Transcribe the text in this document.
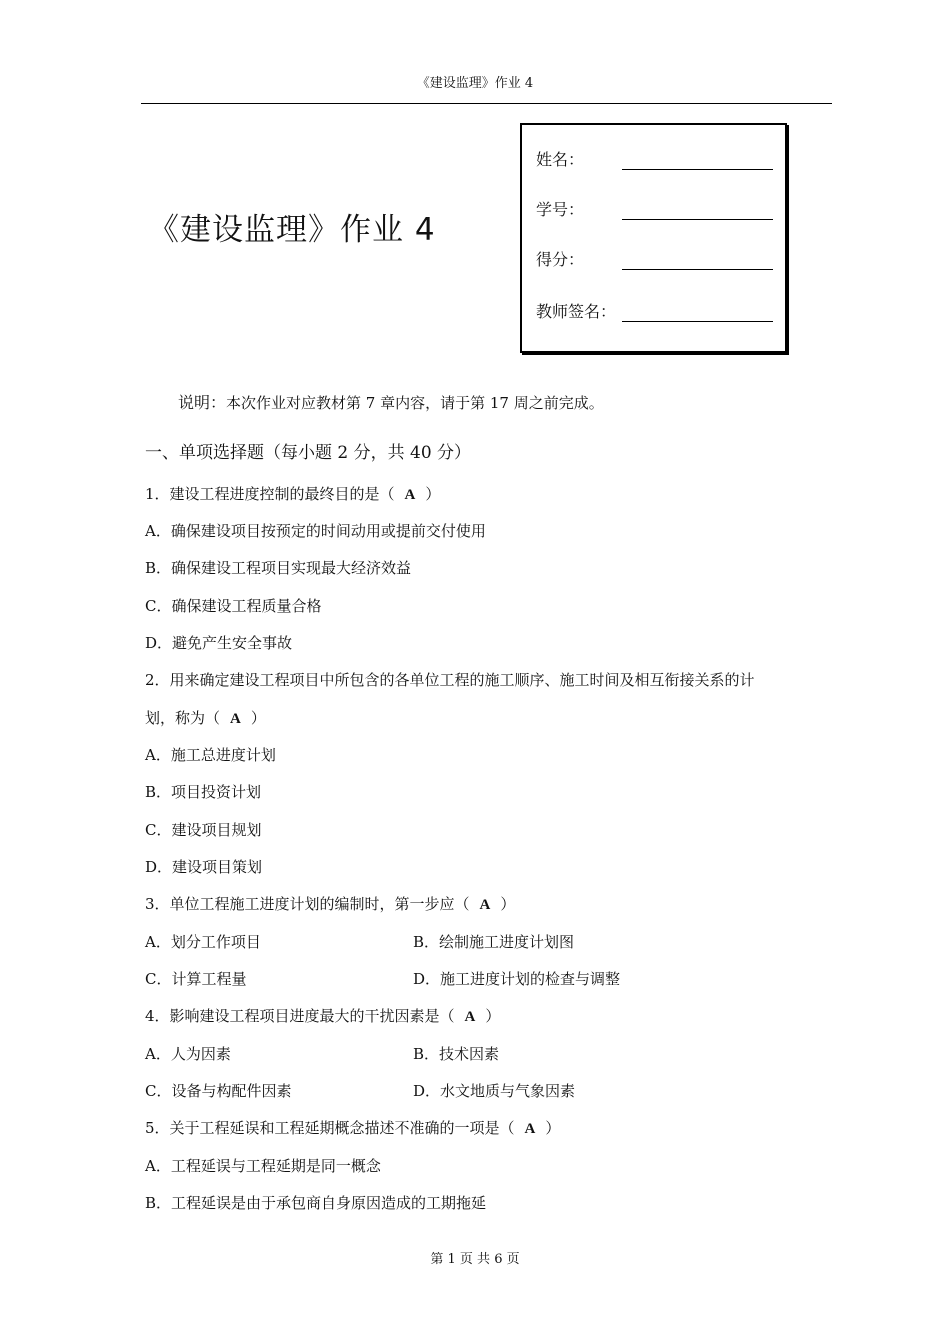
《建设监理》作业 4
《建设监理》作业 4
姓名：
学号：
得分：
教师签名：
说明：本次作业对应教材第 7 章内容，请于第 17 周之前完成。
一、单项选择题（每小题 2 分，共 40 分）
1．建设工程进度控制的最终目的是（ A ）
A．确保建设项目按预定的时间动用或提前交付使用
B．确保建设工程项目实现最大经济效益
C．确保建设工程质量合格
D．避免产生安全事故
2．用来确定建设工程项目中所包含的各单位工程的施工顺序、施工时间及相互衔接关系的计
划，称为（ A ）
A．施工总进度计划
B．项目投资计划
C．建设项目规划
D．建设项目策划
3．单位工程施工进度计划的编制时，第一步应（ A ）
A．划分工作项目	B．绘制施工进度计划图
C．计算工程量	D．施工进度计划的检查与调整
4．影响建设工程项目进度最大的干扰因素是（ A ）
A．人为因素	B．技术因素
C．设备与构配件因素	D．水文地质与气象因素
5．关于工程延误和工程延期概念描述不准确的一项是（ A ）
A．工程延误与工程延期是同一概念
B．工程延误是由于承包商自身原因造成的工期拖延
第 1 页 共 6 页
